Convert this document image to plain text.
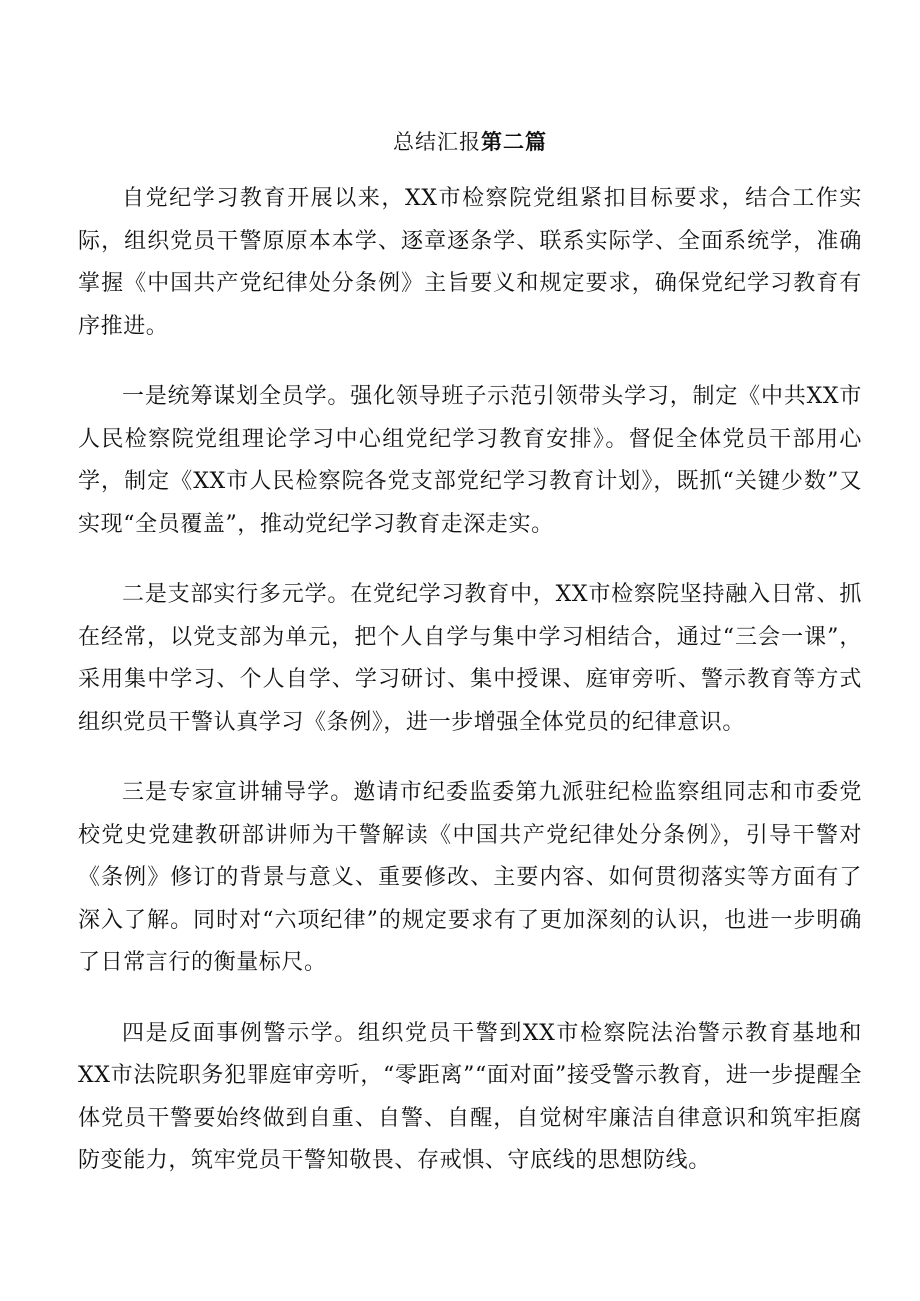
总结汇报第二篇

自党纪学习教育开展以来，XX市检察院党组紧扣目标要求，结合工作实际，组织党员干警原原本本学、逐章逐条学、联系实际学、全面系统学，准确掌握《中国共产党纪律处分条例》主旨要义和规定要求，确保党纪学习教育有序推进。

一是统筹谋划全员学。强化领导班子示范引领带头学习，制定《中共XX市人民检察院党组理论学习中心组党纪学习教育安排》。督促全体党员干部用心学，制定《XX市人民检察院各党支部党纪学习教育计划》，既抓“关键少数”又实现“全员覆盖”，推动党纪学习教育走深走实。

二是支部实行多元学。在党纪学习教育中，XX市检察院坚持融入日常、抓在经常，以党支部为单元，把个人自学与集中学习相结合，通过“三会一课”，采用集中学习、个人自学、学习研讨、集中授课、庭审旁听、警示教育等方式组织党员干警认真学习《条例》，进一步增强全体党员的纪律意识。

三是专家宣讲辅导学。邀请市纪委监委第九派驻纪检监察组同志和市委党校党史党建教研部讲师为干警解读《中国共产党纪律处分条例》，引导干警对《条例》修订的背景与意义、重要修改、主要内容、如何贯彻落实等方面有了深入了解。同时对“六项纪律”的规定要求有了更加深刻的认识，也进一步明确了日常言行的衡量标尺。

四是反面事例警示学。组织党员干警到XX市检察院法治警示教育基地和XX市法院职务犯罪庭审旁听，“零距离”“面对面”接受警示教育，进一步提醒全体党员干警要始终做到自重、自警、自醒，自觉树牢廉洁自律意识和筑牢拒腐防变能力，筑牢党员干警知敬畏、存戒惧、守底线的思想防线。
